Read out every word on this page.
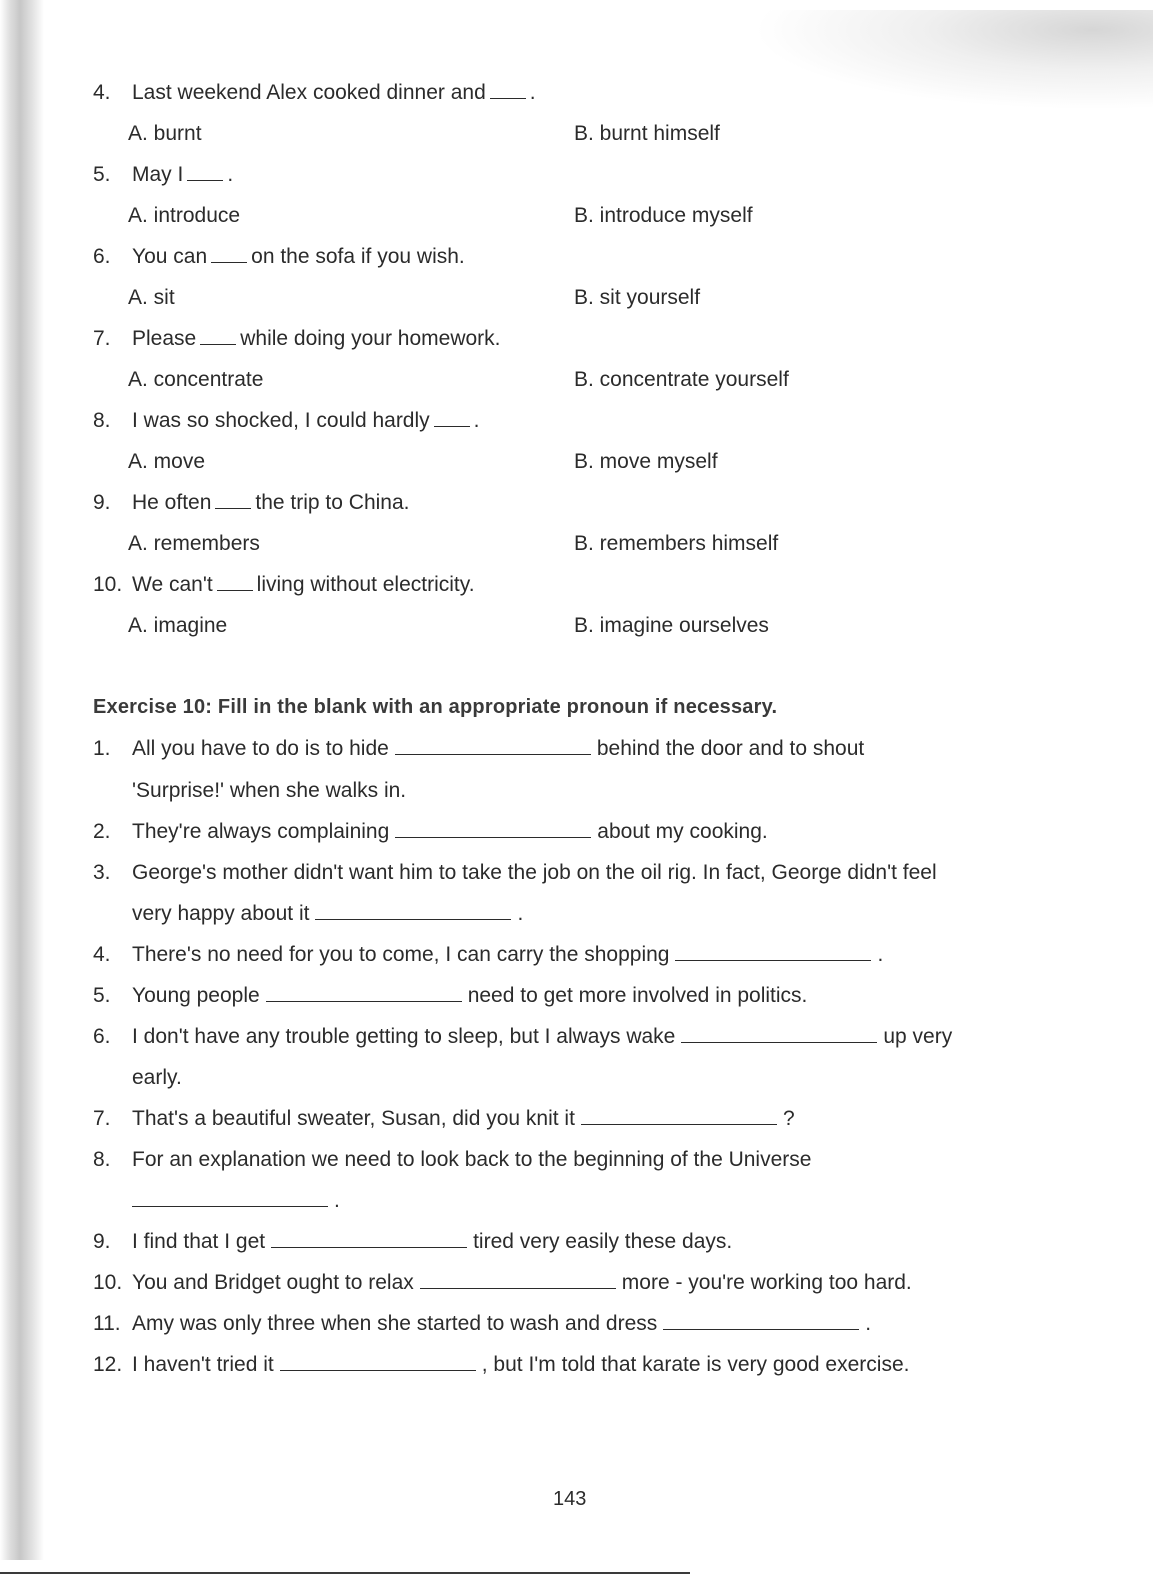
4. Last weekend Alex cooked dinner and .
A. burnt	B. burnt himself
5. May I .
A. introduce	B. introduce myself
6. You can on the sofa if you wish.
A. sit	B. sit yourself
7. Please while doing your homework.
A. concentrate	B. concentrate yourself
8. I was so shocked, I could hardly .
A. move	B. move myself
9. He often the trip to China.
A. remembers	B. remembers himself
10. We can't living without electricity.
A. imagine	B. imagine ourselves
Exercise 10: Fill in the blank with an appropriate pronoun if necessary.
1. All you have to do is to hide	behind the door and to shout
'Surprise!' when she walks in.
2. They're always complaining	about my cooking.
3. George's mother didn't want him to take the job on the oil rig. In fact, George didn't feel
very happy about it	.
4. There's no need for you to come, I can carry the shopping	.
5. Young people	need to get more involved in politics.
6. I don't have any trouble getting to sleep, but I always wake	up very
early.
7. That's a beautiful sweater, Susan, did you knit it	?
8. For an explanation we need to look back to the beginning of the Universe
.
9. I find that I get	tired very easily these days.
10. You and Bridget ought to relax	more - you're working too hard.
11. Amy was only three when she started to wash and dress	.
12. I haven't tried it	, but I'm told that karate is very good exercise.
143
